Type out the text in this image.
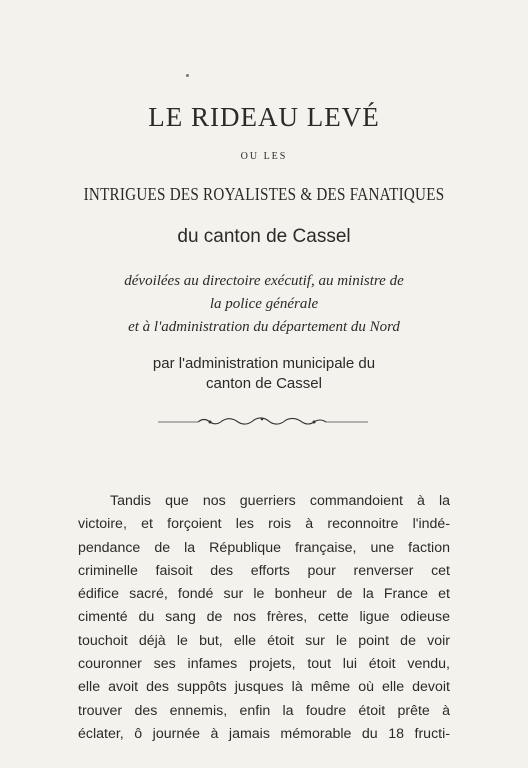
LE RIDEAU LEVÉ
OU LES
INTRIGUES DES ROYALISTES & DES FANATIQUES
du canton de Cassel
dévoilées au directoire exécutif, au ministre de
la police générale
et à l'administration du département du Nord
par l'administration municipale du
canton de Cassel
Tandis que nos guerriers commandoient à la
victoire, et forçoient les rois à reconnoitre l'indé-
pendance de la République française, une faction
criminelle faisoit des efforts pour renverser cet
édifice sacré, fondé sur le bonheur de la France et
cimenté du sang de nos frères, cette ligue odieuse
touchoit déjà le but, elle étoit sur le point de voir
couronner ses infames projets, tout lui étoit vendu,
elle avoit des suppôts jusques là même où elle devoit
trouver des ennemis, enfin la foudre étoit prête à
éclater, ô journée à jamais mémorable du 18 fructi-
